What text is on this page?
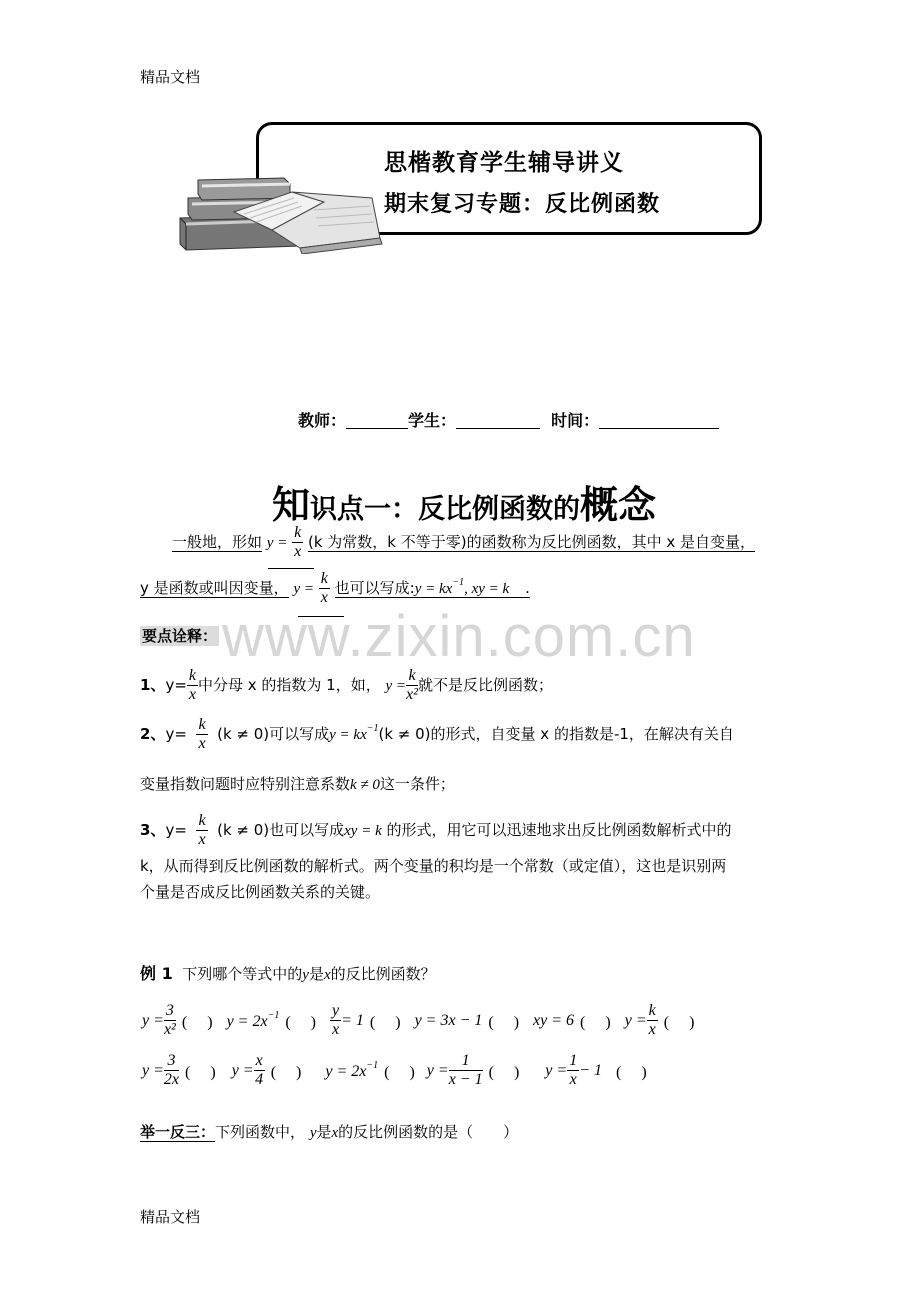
精品文档
精品文档
思楷教育学生辅导讲义
期末复习专题：反比例函数
教师：	学生：	时间：
知识点一：反比例函数的概念
www.zixin.com.cn
一般地，形如 $y = \frac{k}{x} (k$ 为常数，k 不等于零)的函数称为反比例函数，其中 x 是自变量，
y 是函数或叫因变量， $y = \frac{k}{x}$ 也可以写成:y = $kx^{-1}$, xy = k .
要点诠释：
1、$y= \frac{k}{x}$ 中分母 x 的指数为 1，如， $y = \frac{k}{\text{x²}}$ 就不是反比例函数；
2、$y= \frac{k}{x} (k \ne 0)$可以写成$y = kx^{-1}(k \ne 0)$的形式，自变量 x 的指数是-1，在解决有关自
变量指数问题时应特别注意系数k ≠ 0这一条件；
3、$y= \frac{k}{x} (k \ne 0)$也可以写成xy = k 的形式，用它可以迅速地求出反比例函数解析式中的
k，从而得到反比例函数的解析式。两个变量的积均是一个常数（或定值），这也是识别两
个量是否成反比例函数关系的关键。
例 1 下列哪个等式中的y是x的反比例函数？
$y = \frac{3}{\text{x²}}$ (　 ) $y = 2x^{-1}$ (　 ) $\frac{y}{x} = 1$ (　 ) y = 3x − 1 (　 ) xy = 6 (　 ) $y = \frac{k}{x}$ (　 )
$y = \frac{3}{2x}$ (　 ) $y = \frac{x}{4}$ (　 ) $y = 2x^{-1}$ (　 ) $y = \frac{1}{x - 1}$ (　 ) $y = \frac{1}{x} - 1$ (　 )
举一反三：下列函数中， y是x的反比例函数的是（　　）
